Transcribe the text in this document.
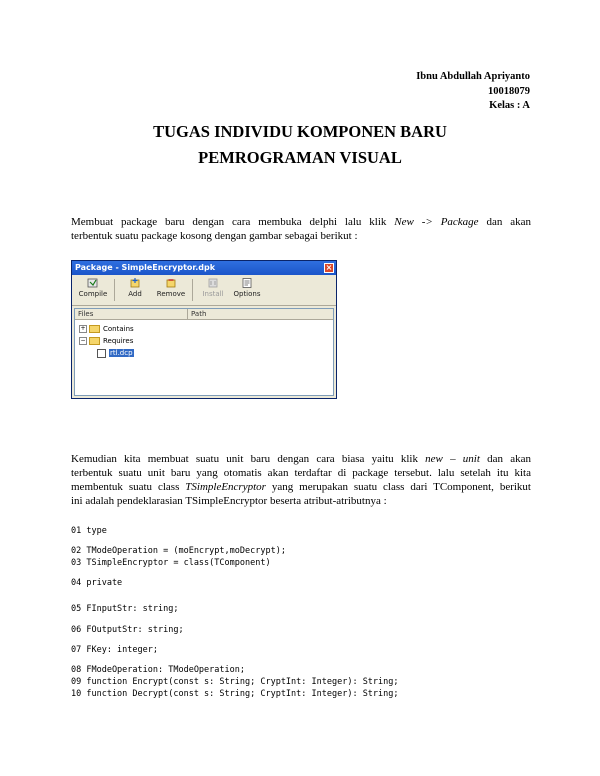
Ibnu Abdullah Apriyanto
10018079
Kelas : A
TUGAS INDIVIDU KOMPONEN BARU
PEMROGRAMAN VISUAL
Membuat package baru dengan cara membuka delphi lalu klik New -> Package dan akan
terbentuk suatu package kosong dengan gambar sebagai berikut :
Package - SimpleEncryptor.dpk	×
Compile	Add	Remove	Install	Options
Files	Path
+ Contains
− Requires
rtl.dcp
Kemudian kita membuat suatu unit baru dengan cara biasa yaitu klik new – unit dan akan
terbentuk suatu unit baru yang otomatis akan terdaftar di package tersebut. lalu setelah itu kita
membentuk suatu class TSimpleEncryptor yang merupakan suatu class dari TComponent, berikut
ini adalah pendeklarasian TSimpleEncryptor beserta atribut-atributnya :
01 type
02 TModeOperation = (moEncrypt,moDecrypt);
03 TSimpleEncryptor = class(TComponent)
04 private
05 FInputStr: string;
06 FOutputStr: string;
07 FKey: integer;
08 FModeOperation: TModeOperation;
09 function Encrypt(const s: String; CryptInt: Integer): String;
10 function Decrypt(const s: String; CryptInt: Integer): String;
